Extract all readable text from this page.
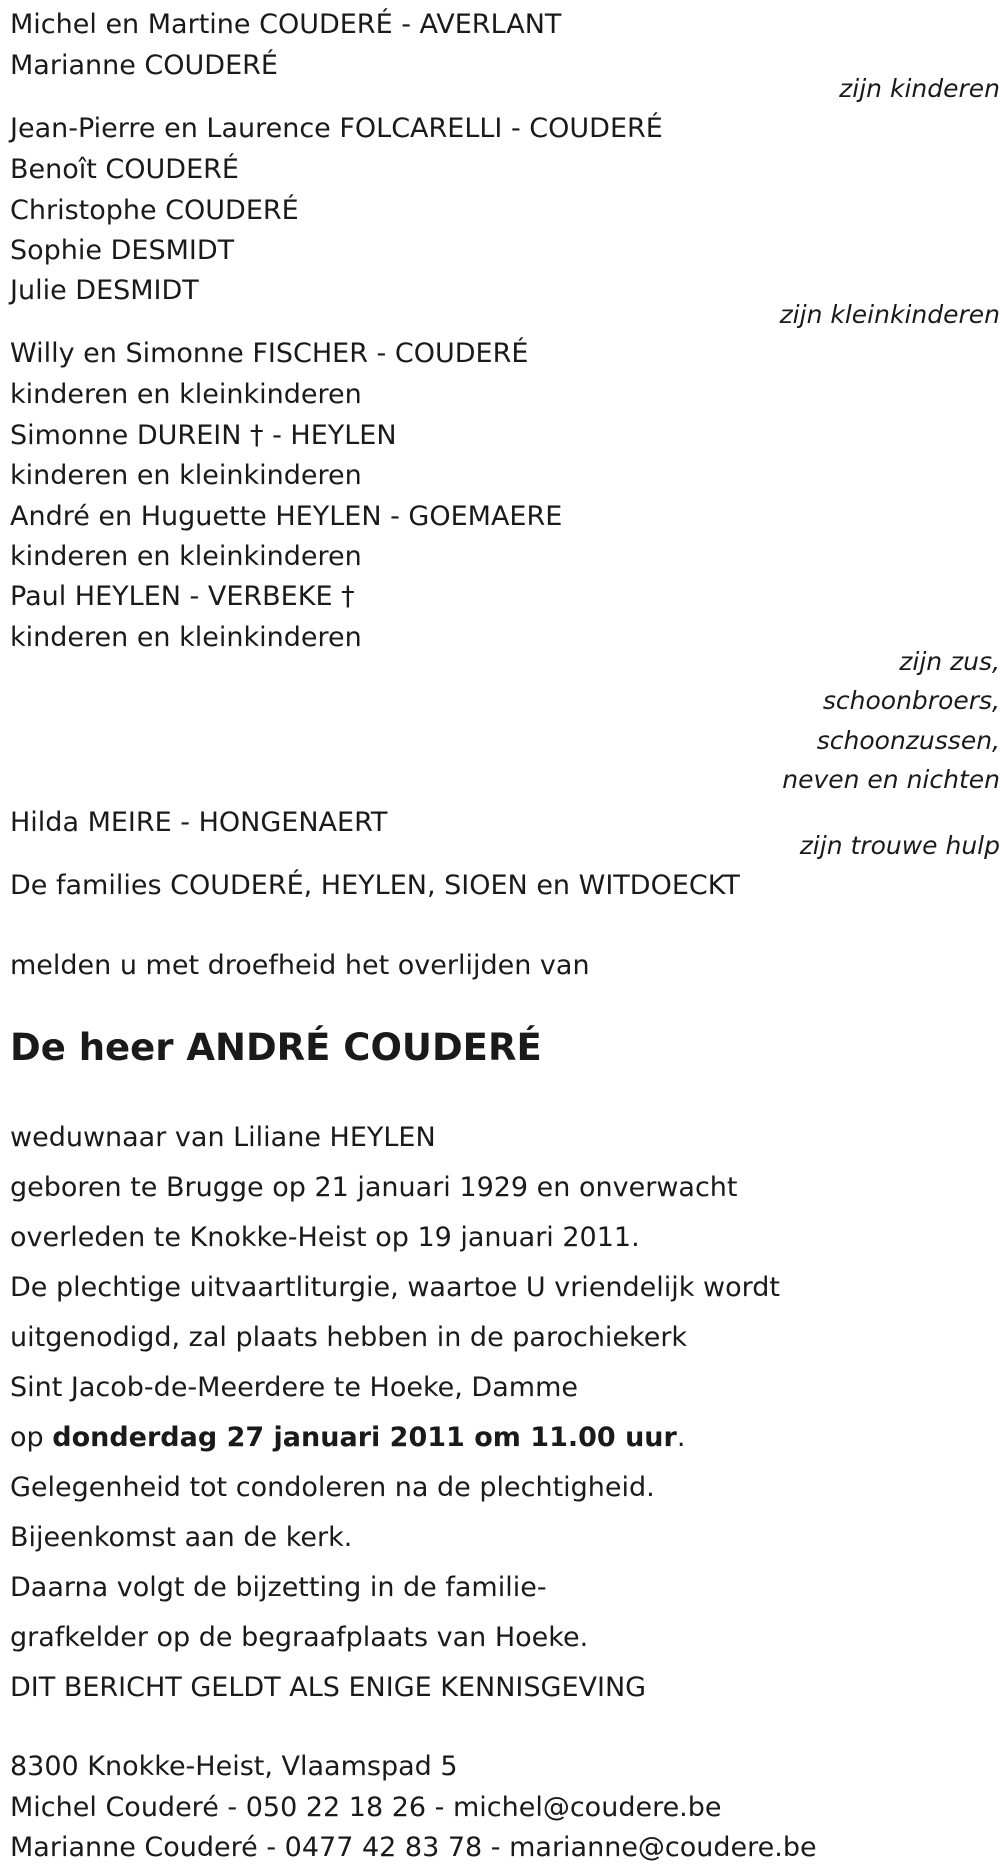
Michel en Martine COUDERÉ - AVERLANT
Marianne COUDERÉ
zijn kinderen
Jean-Pierre en Laurence FOLCARELLI - COUDERÉ
Benoît COUDERÉ
Christophe COUDERÉ
Sophie DESMIDT
Julie DESMIDT
zijn kleinkinderen
Willy en Simonne FISCHER - COUDERÉ
kinderen en kleinkinderen
Simonne DUREIN † - HEYLEN
kinderen en kleinkinderen
André en Huguette HEYLEN - GOEMAERE
kinderen en kleinkinderen
Paul HEYLEN - VERBEKE †
kinderen en kleinkinderen
zijn zus,
schoonbroers,
schoonzussen,
neven en nichten
Hilda MEIRE - HONGENAERT
zijn trouwe hulp
De families COUDERÉ, HEYLEN, SIOEN en WITDOECKT
melden u met droefheid het overlijden van
De heer ANDRÉ COUDERÉ
weduwnaar van Liliane HEYLEN
geboren te Brugge op 21 januari 1929 en onverwacht
overleden te Knokke-Heist op 19 januari 2011.
De plechtige uitvaartliturgie, waartoe U vriendelijk wordt
uitgenodigd, zal plaats hebben in de parochiekerk
Sint Jacob-de-Meerdere te Hoeke, Damme
op donderdag 27 januari 2011 om 11.00 uur.
Gelegenheid tot condoleren na de plechtigheid.
Bijeenkomst aan de kerk.
Daarna volgt de bijzetting in de familie-
grafkelder op de begraafplaats van Hoeke.
DIT BERICHT GELDT ALS ENIGE KENNISGEVING
8300 Knokke-Heist, Vlaamspad 5
Michel Couderé - 050 22 18 26 - michel@coudere.be
Marianne Couderé - 0477 42 83 78 - marianne@coudere.be
